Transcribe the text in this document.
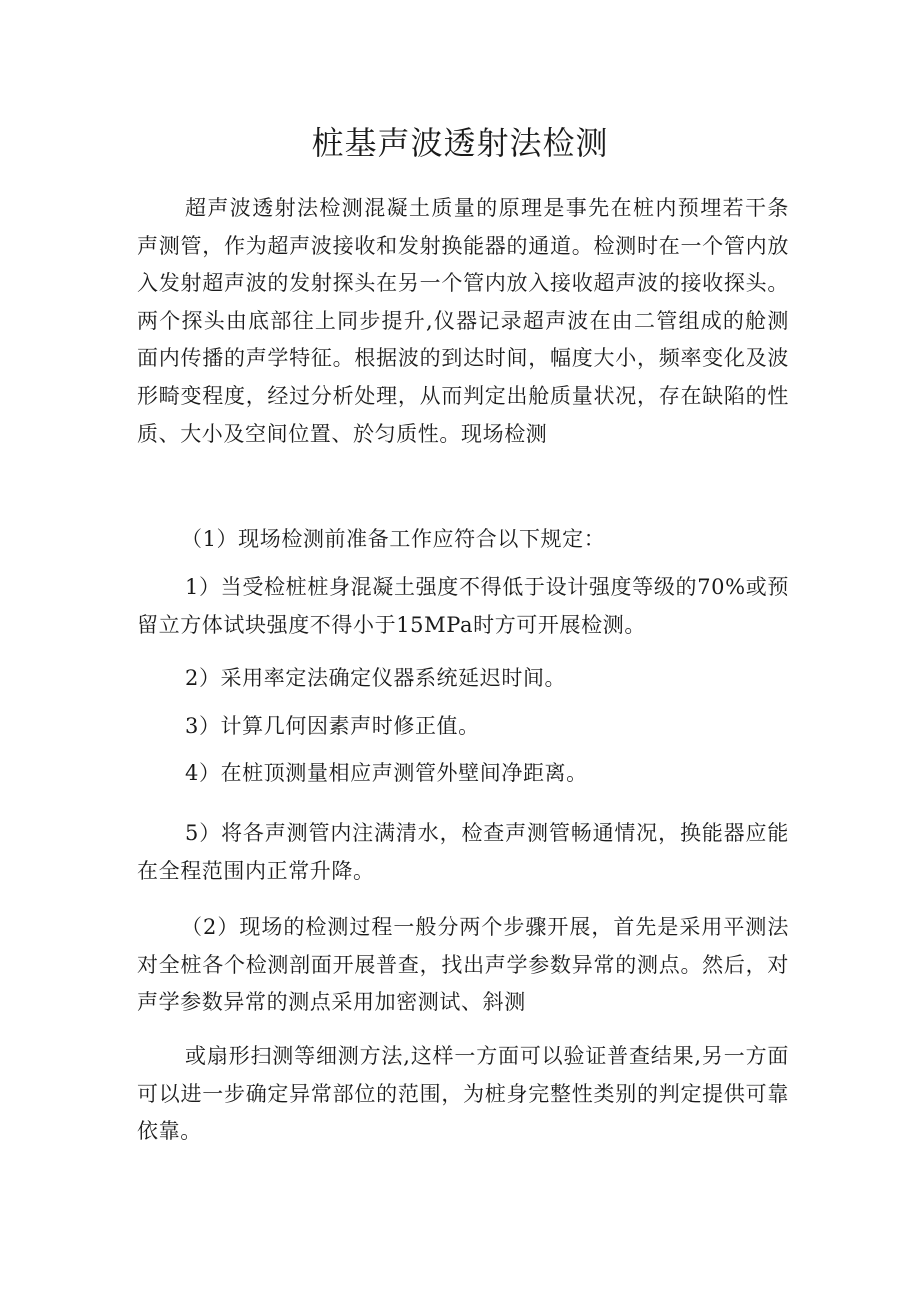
桩基声波透射法检测

超声波透射法检测混凝土质量的原理是事先在桩内预埋若干条声测管，作为超声波接收和发射换能器的通道。检测时在一个管内放入发射超声波的发射探头在另一个管内放入接收超声波的接收探头。两个探头由底部往上同步提升,仪器记录超声波在由二管组成的舱测面内传播的声学特征。根据波的到达时间，幅度大小，频率变化及波形畸变程度，经过分析处理，从而判定出舱质量状况，存在缺陷的性质、大小及空间位置、於匀质性。现场检测

（1）现场检测前准备工作应符合以下规定：

1）当受检桩桩身混凝土强度不得低于设计强度等级的70%或预留立方体试块强度不得小于15MPa时方可开展检测。

2）采用率定法确定仪器系统延迟时间。

3）计算几何因素声时修正值。

4）在桩顶测量相应声测管外壁间净距离。

5）将各声测管内注满清水，检查声测管畅通情况，换能器应能在全程范围内正常升降。

（2）现场的检测过程一般分两个步骤开展，首先是采用平测法对全桩各个检测剖面开展普查，找出声学参数异常的测点。然后，对声学参数异常的测点采用加密测试、斜测

或扇形扫测等细测方法,这样一方面可以验证普查结果,另一方面可以进一步确定异常部位的范围，为桩身完整性类别的判定提供可靠依靠。
